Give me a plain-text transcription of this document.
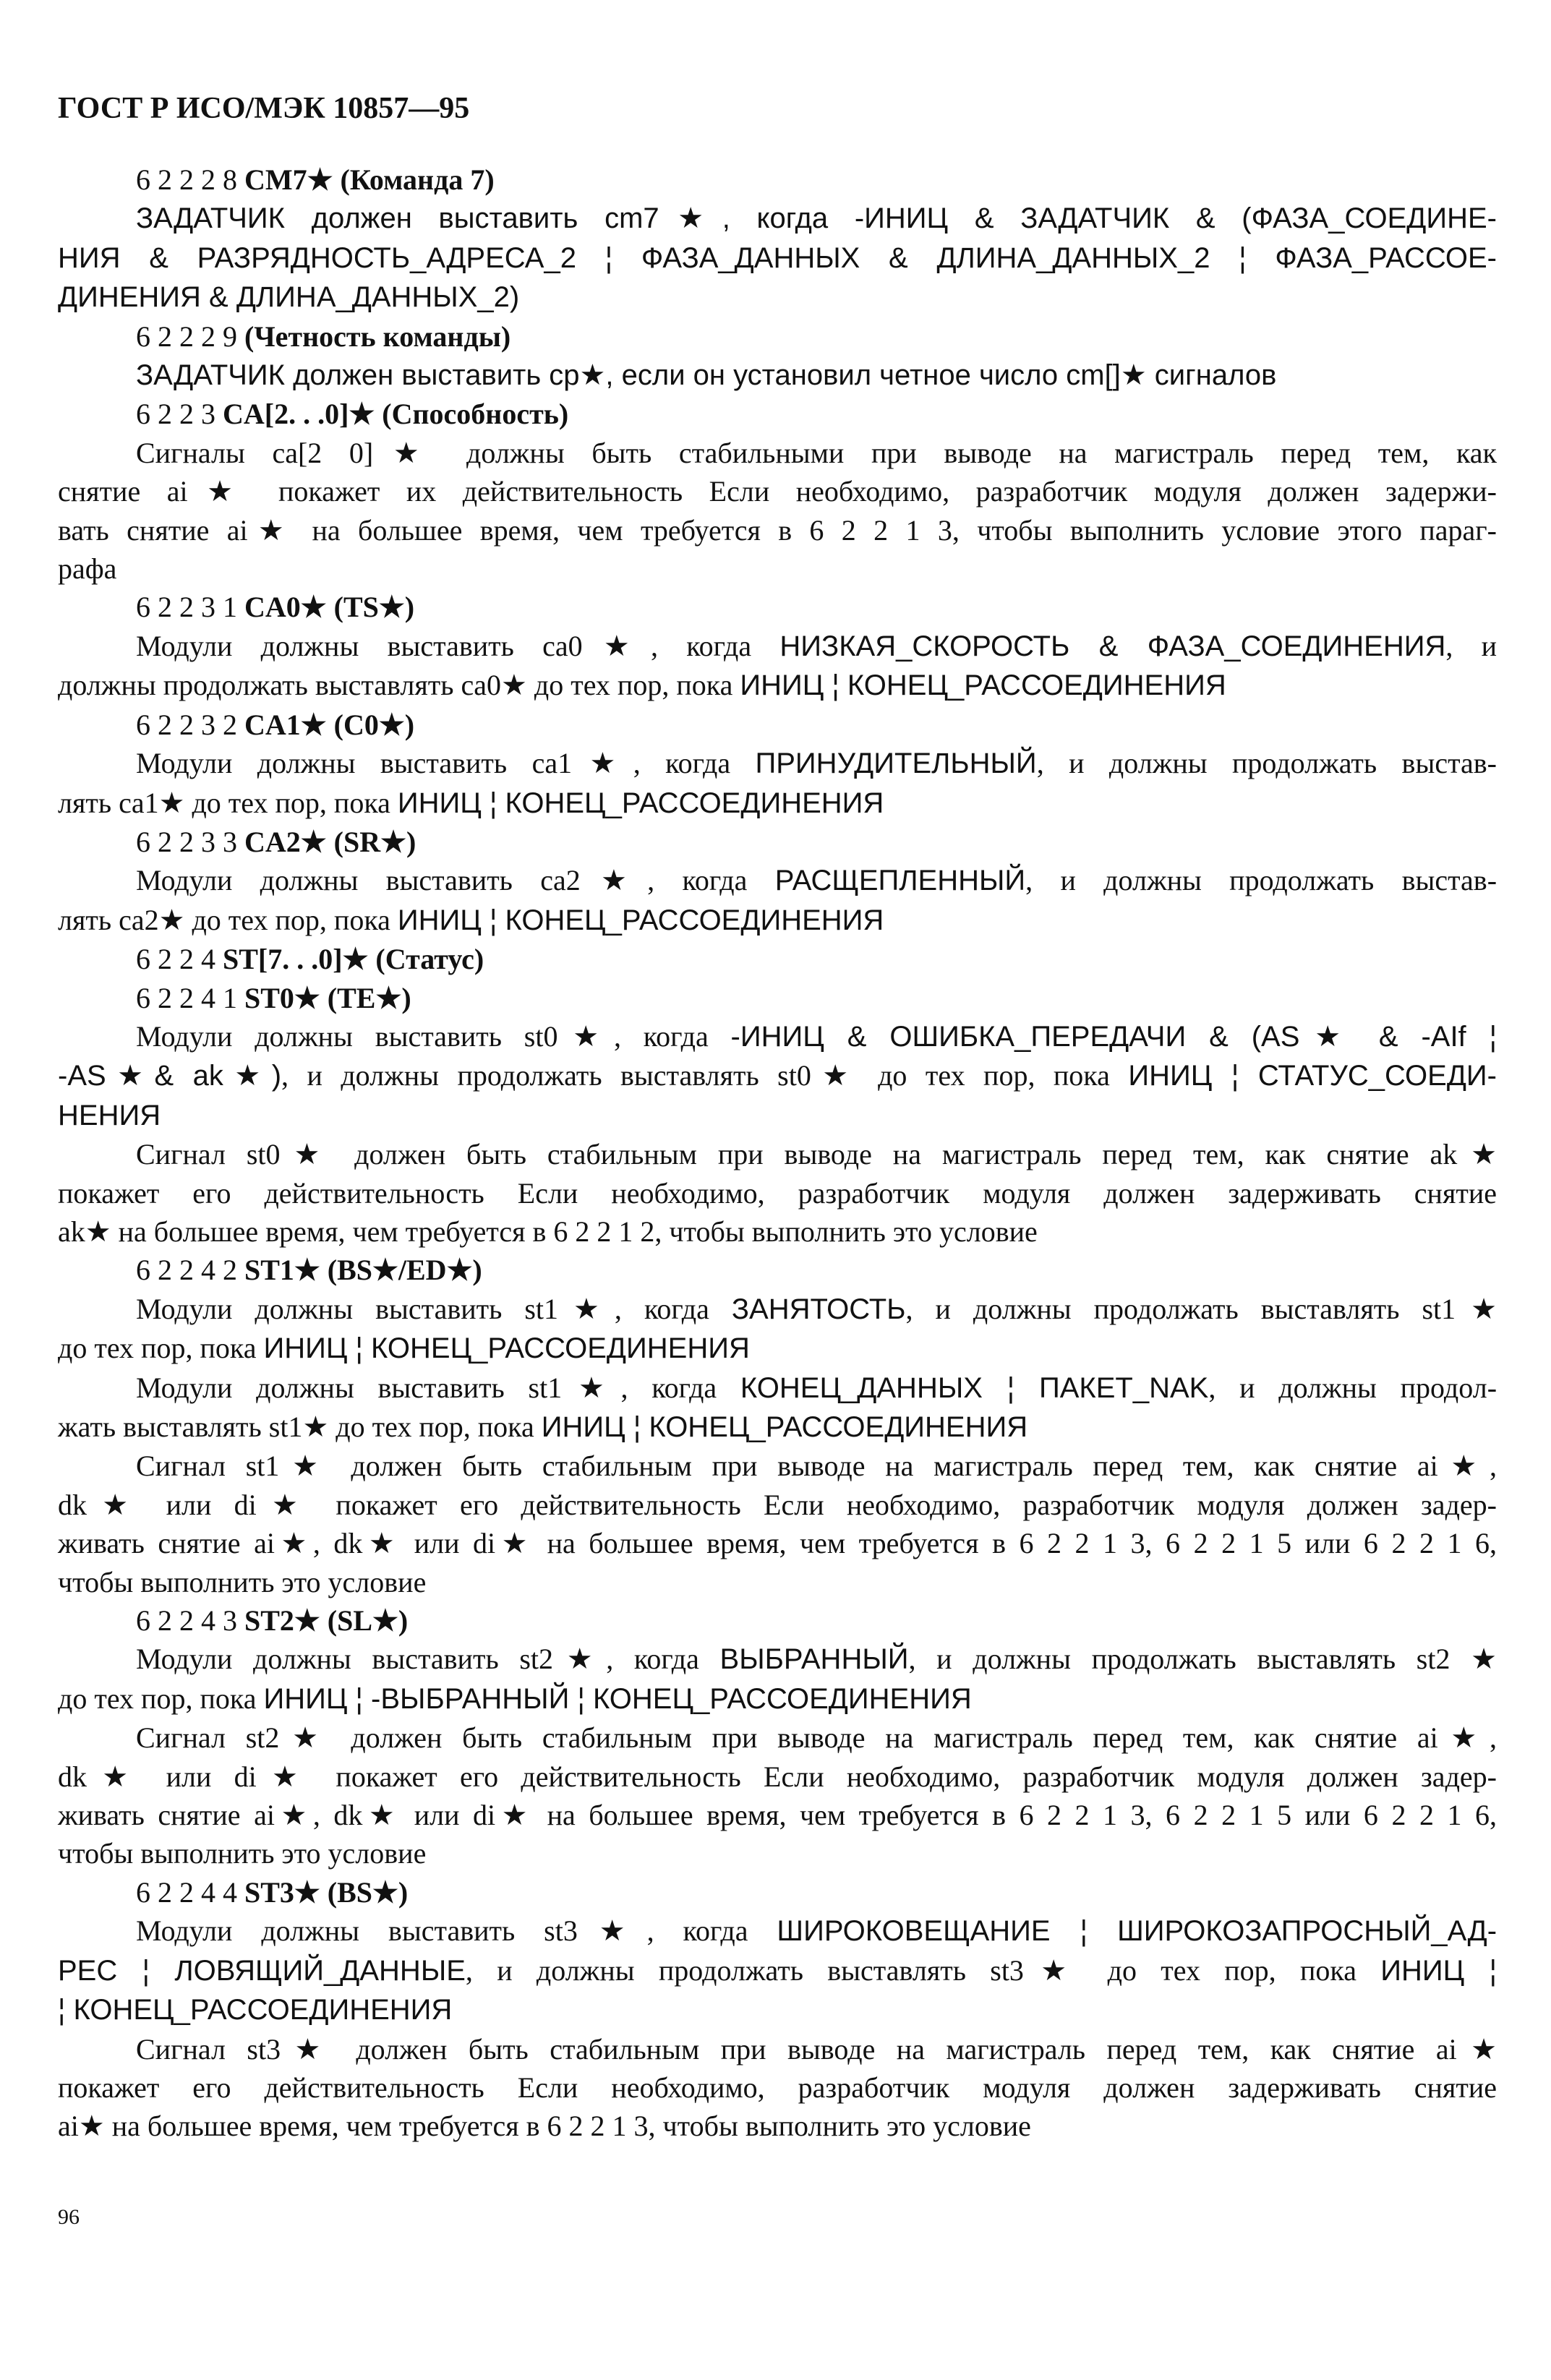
ГОСТ Р ИСО/МЭК 10857—95
6 2 2 2 8 CM7★ (Команда 7)
ЗАДАТЧИК должен выставить cm7★, когда -ИНИЦ & ЗАДАТЧИК & (ФАЗА_СОЕДИНЕ-
НИЯ & РАЗРЯДНОСТЬ_АДРЕСА_2 ¦ ФАЗА_ДАННЫХ & ДЛИНА_ДАННЫХ_2 ¦ ФАЗА_РАССОЕ-
ДИНЕНИЯ & ДЛИНА_ДАННЫХ_2)
6 2 2 2 9 (Четность команды)
ЗАДАТЧИК должен выставить cp★, если он установил четное число cm[]★ сигналов
6 2 2 3 CA[2. . .0]★ (Способность)
Сигналы ca[2 0]★ должны быть стабильными при выводе на магистраль перед тем, как
снятие ai★ покажет их действительность Если необходимо, разработчик модуля должен задержи-
вать снятие ai★ на большее время, чем требуется в 6 2 2 1 3, чтобы выполнить условие этого параг-
рафа
6 2 2 3 1 CA0★ (TS★)
Модули должны выставить ca0★, когда НИЗКАЯ_СКОРОСТЬ & ФАЗА_СОЕДИНЕНИЯ, и
должны продолжать выставлять ca0★ до тех пор, пока ИНИЦ ¦ КОНЕЦ_РАССОЕДИНЕНИЯ
6 2 2 3 2 CA1★ (C0★)
Модули должны выставить ca1★, когда ПРИНУДИТЕЛЬНЫЙ, и должны продолжать выстав-
лять ca1★ до тех пор, пока ИНИЦ ¦ КОНЕЦ_РАССОЕДИНЕНИЯ
6 2 2 3 3 CA2★ (SR★)
Модули должны выставить ca2★, когда РАСЩЕПЛЕННЫЙ, и должны продолжать выстав-
лять ca2★ до тех пор, пока ИНИЦ ¦ КОНЕЦ_РАССОЕДИНЕНИЯ
6 2 2 4 ST[7. . .0]★ (Статус)
6 2 2 4 1 ST0★ (TE★)
Модули должны выставить st0★, когда -ИНИЦ & ОШИБКА_ПЕРЕДАЧИ & (AS★ & -AIf ¦
-AS★& ak★), и должны продолжать выставлять st0★ до тех пор, пока ИНИЦ ¦ СТАТУС_СОЕДИ-
НЕНИЯ
Сигнал st0★ должен быть стабильным при выводе на магистраль перед тем, как снятие ak★
покажет его действительность Если необходимо, разработчик модуля должен задерживать снятие
ak★ на большее время, чем требуется в 6 2 2 1 2, чтобы выполнить это условие
6 2 2 4 2 ST1★ (BS★/ED★)
Модули должны выставить st1★, когда ЗАНЯТОСТЬ, и должны продолжать выставлять st1★
до тех пор, пока ИНИЦ ¦ КОНЕЦ_РАССОЕДИНЕНИЯ
Модули должны выставить st1★, когда КОНЕЦ_ДАННЫХ ¦ ПАКЕТ_NAK, и должны продол-
жать выставлять st1★ до тех пор, пока ИНИЦ ¦ КОНЕЦ_РАССОЕДИНЕНИЯ
Сигнал st1★ должен быть стабильным при выводе на магистраль перед тем, как снятие ai★,
dk★ или di★ покажет его действительность Если необходимо, разработчик модуля должен задер-
живать снятие ai★, dk★ или di★ на большее время, чем требуется в 6 2 2 1 3, 6 2 2 1 5 или 6 2 2 1 6,
чтобы выполнить это условие
6 2 2 4 3 ST2★ (SL★)
Модули должны выставить st2★, когда ВЫБРАННЫЙ, и должны продолжать выставлять st2 ★
до тех пор, пока ИНИЦ ¦ -ВЫБРАННЫЙ ¦ КОНЕЦ_РАССОЕДИНЕНИЯ
Сигнал st2★ должен быть стабильным при выводе на магистраль перед тем, как снятие ai★,
dk★ или di★ покажет его действительность Если необходимо, разработчик модуля должен задер-
живать снятие ai★, dk★ или di★ на большее время, чем требуется в 6 2 2 1 3, 6 2 2 1 5 или 6 2 2 1 6,
чтобы выполнить это условие
6 2 2 4 4 ST3★ (BS★)
Модули должны выставить st3★, когда ШИРОКОВЕЩАНИЕ ¦ ШИРОКОЗАПРОСНЫЙ_АД-
РЕС ¦ ЛОВЯЩИЙ_ДАННЫЕ, и должны продолжать выставлять st3★ до тех пор, пока ИНИЦ ¦
¦ КОНЕЦ_РАССОЕДИНЕНИЯ
Сигнал st3★ должен быть стабильным при выводе на магистраль перед тем, как снятие ai★
покажет его действительность Если необходимо, разработчик модуля должен задерживать снятие
ai★ на большее время, чем требуется в 6 2 2 1 3, чтобы выполнить это условие
96
